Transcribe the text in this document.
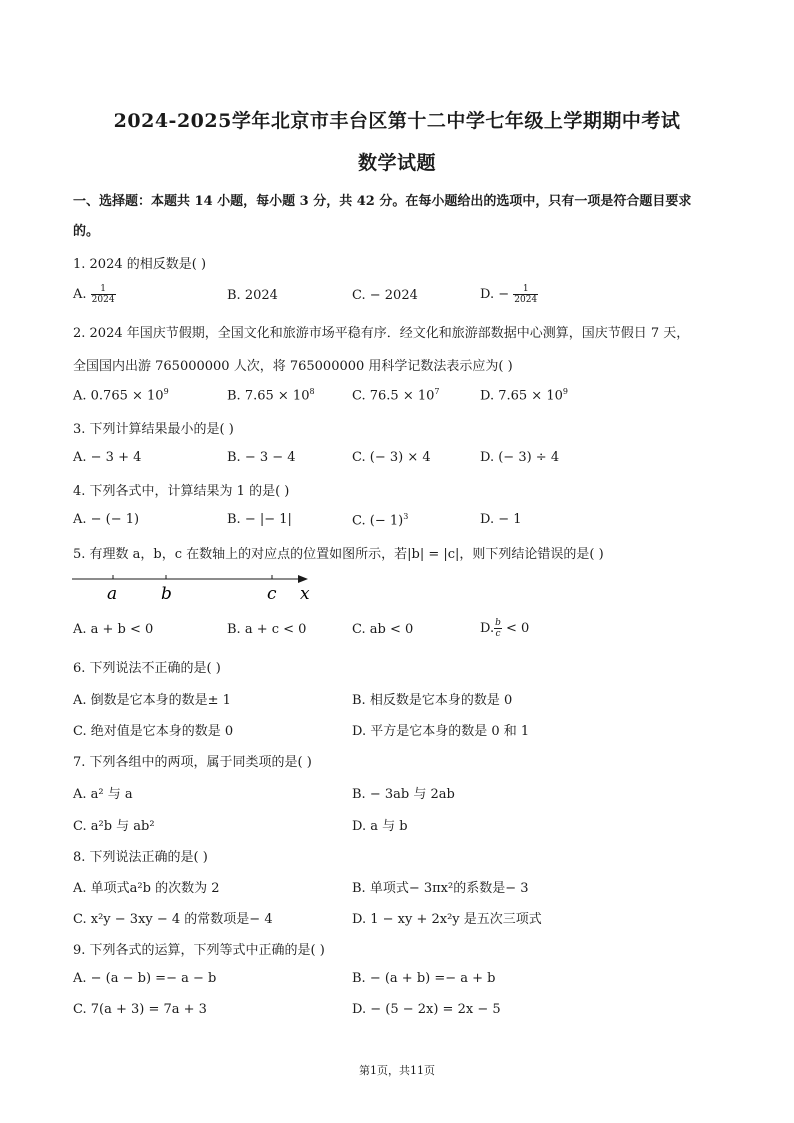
2024-2025学年北京市丰台区第十二中学七年级上学期期中考试
数学试题
一、选择题：本题共 14 小题，每小题 3 分，共 42 分。在每小题给出的选项中，只有一项是符合题目要求
的。
1. 2024 的相反数是( )
A. $\frac{1}{2024}$	B. 2024	C. − 2024	D. − $\frac{1}{2024}$
2. 2024 年国庆节假期，全国文化和旅游市场平稳有序．经文化和旅游部数据中心测算，国庆节假日 7 天，
全国国内出游 765000000 人次，将 765000000 用科学记数法表示应为( )
A. $0.765 \times 10^9$	B. $7.65 \times 10^8$	C. $76.5 \times 10^7$	D. $7.65 \times 10^9$
3. 下列计算结果最小的是( )
A. − 3 + 4	B. − 3 − 4	C. (− 3) × 4	D. (− 3) ÷ 4
4. 下列各式中，计算结果为 1 的是( )
A. − (− 1)	B. − |− 1|	C. (− 1)$^3$	D. − 1
5. 有理数 a，b，c 在数轴上的对应点的位置如图所示，若|b| = |c|，则下列结论错误的是( )
a	b	c x
A. a + b < 0	B. a + c < 0	C. ab < 0	D. $\frac{b}{c} < 0$
6. 下列说法不正确的是( )
A. 倒数是它本身的数是± 1	B. 相反数是它本身的数是 0
C. 绝对值是它本身的数是 0	D. 平方是它本身的数是 0 和 1
7. 下列各组中的两项，属于同类项的是( )
A. a² 与 a	B. − 3ab 与 2ab
C. a²b 与 ab²	D. a 与 b
8. 下列说法正确的是( )
A. 单项式a²b 的次数为 2	B. 单项式− 3πx²的系数是− 3
C. x²y − 3xy − 4 的常数项是− 4	D. 1 − xy + 2x²y 是五次三项式
9. 下列各式的运算，下列等式中正确的是( )
A. − (a − b) =− a − b	B. − (a + b) =− a + b
C. 7(a + 3) = 7a + 3	D. − (5 − 2x) = 2x − 5
第1页，共11页
